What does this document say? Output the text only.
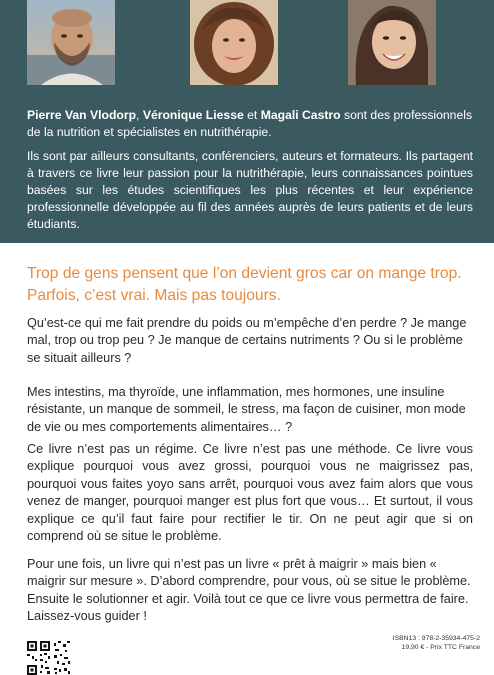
Pierre Van Vlodorp, Véronique Liesse et Magali Castro sont des professionnels de la nutrition et spécialistes en nutrithérapie.

Ils sont par ailleurs consultants, conférenciers, auteurs et formateurs. Ils partagent à travers ce livre leur passion pour la nutrithérapie, leurs connaissances pointues basées sur les études scientifiques les plus récentes et leur expérience professionnelle développée au fil des années auprès de leurs patients et de leurs étudiants.

Trop de gens pensent que l’on devient gros car on mange trop.
Parfois, c’est vrai. Mais pas toujours.

Qu’est-ce qui me fait prendre du poids ou m’empêche d’en perdre ? Je mange mal, trop ou trop peu ? Je manque de certains nutriments ? Ou si le problème se situait ailleurs ?

Mes intestins, ma thyroïde, une inflammation, mes hormones, une insuline résistante, un manque de sommeil, le stress, ma façon de cuisiner, mon mode de vie ou mes comportements alimentaires… ?

Ce livre n’est pas un régime. Ce livre n’est pas une méthode. Ce livre vous explique pourquoi vous avez grossi, pourquoi vous ne maigrissez pas, pourquoi vous faites yoyo sans arrêt, pourquoi vous avez faim alors que vous venez de manger, pourquoi manger est plus fort que vous… Et surtout, il vous explique ce qu’il faut faire pour rectifier le tir. On ne peut agir que si on comprend où se situe le problème.

Pour une fois, un livre qui n’est pas un livre « prêt à maigrir » mais bien « maigrir sur mesure ». D’abord comprendre, pour vous, où se situe le problème. Ensuite le solutionner et agir. Voilà tout ce que ce livre vous permettra de faire. Laissez-vous guider !

ISBN13 : 978-2-35934-475-2
19,90 € - Prix TTC France
